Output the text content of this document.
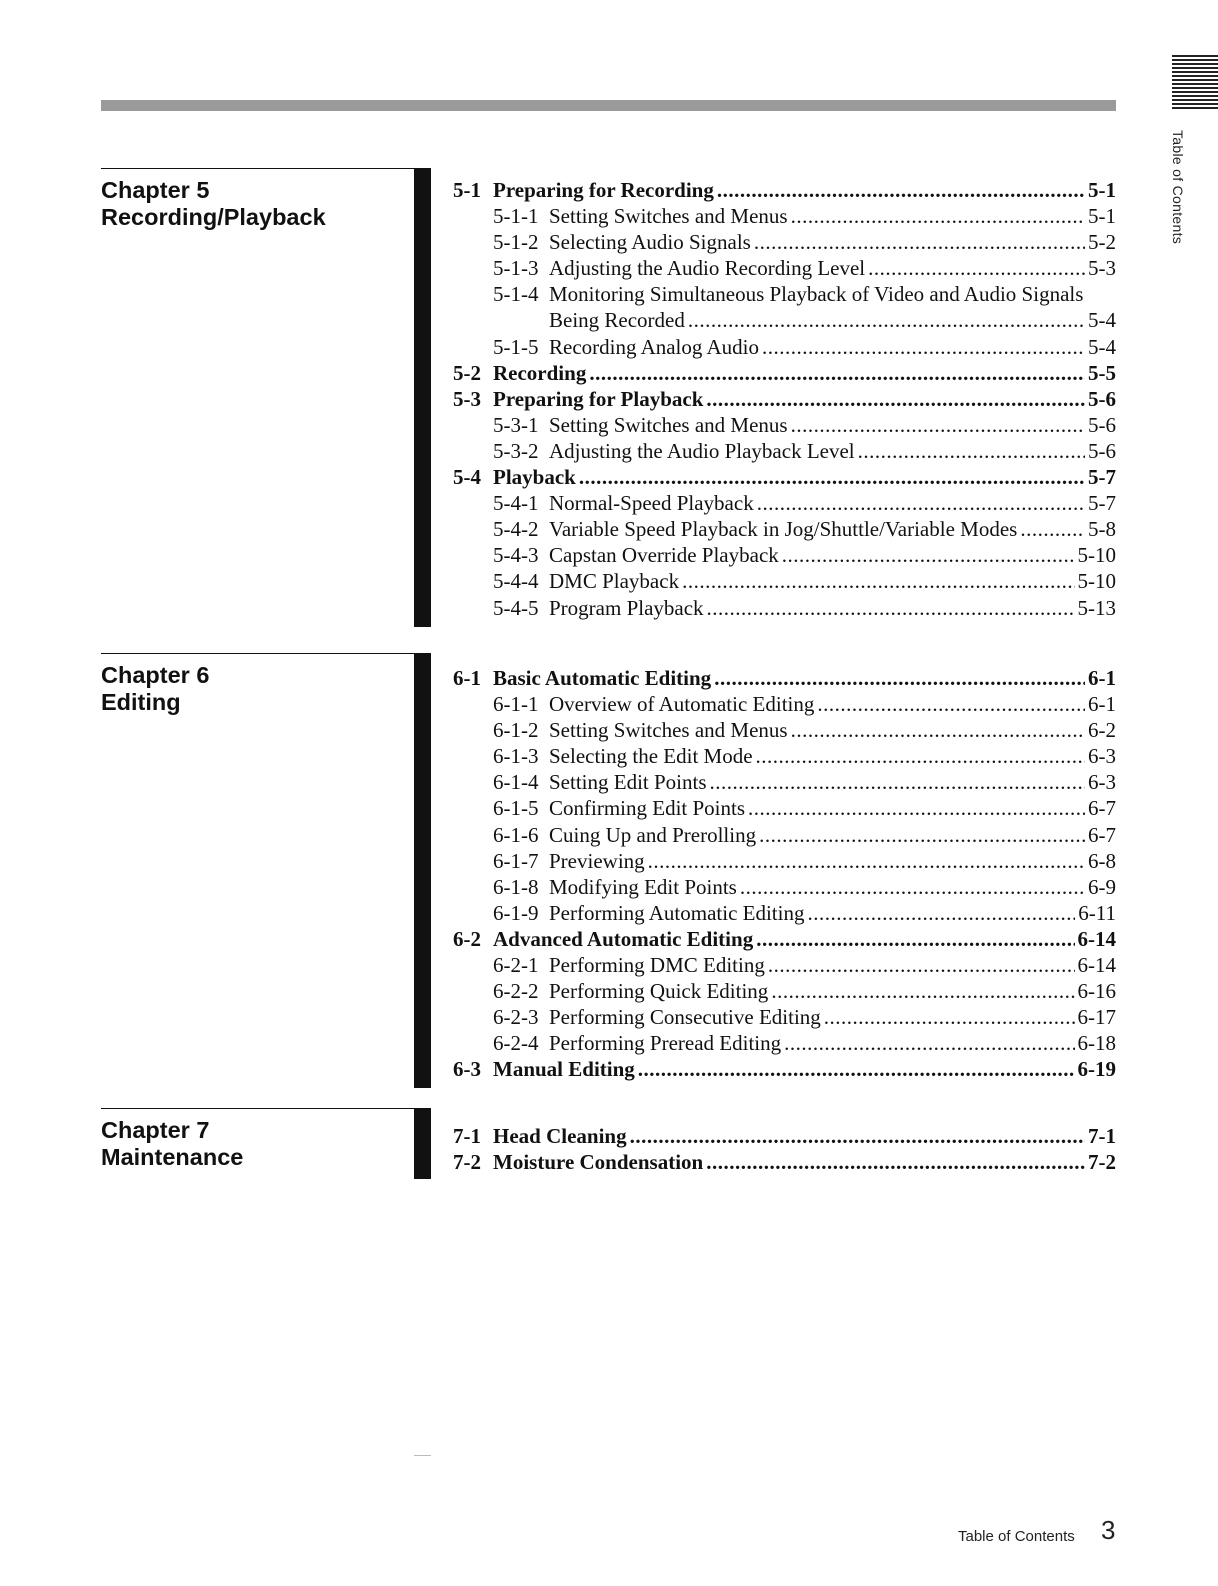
Table of Contents
Chapter 5
Recording/Playback
5-1 Preparing for Recording .....	5-1
5-1-1 Setting Switches and Menus .....	5-1
5-1-2 Selecting Audio Signals .....	5-2
5-1-3 Adjusting the Audio Recording Level .....	5-3
5-1-4 Monitoring Simultaneous Playback of Video and Audio Signals
Being Recorded .....	5-4
5-1-5 Recording Analog Audio .....	5-4
5-2 Recording .....	5-5
5-3 Preparing for Playback .....	5-6
5-3-1 Setting Switches and Menus .....	5-6
5-3-2 Adjusting the Audio Playback Level .....	5-6
5-4 Playback .....	5-7
5-4-1 Normal-Speed Playback .....	5-7
5-4-2 Variable Speed Playback in Jog/Shuttle/Variable Modes .....	5-8
5-4-3 Capstan Override Playback .....	5-10
5-4-4 DMC Playback .....	5-10
5-4-5 Program Playback .....	5-13
Chapter 6
Editing
6-1 Basic Automatic Editing .....	6-1
6-1-1 Overview of Automatic Editing .....	6-1
6-1-2 Setting Switches and Menus .....	6-2
6-1-3 Selecting the Edit Mode .....	6-3
6-1-4 Setting Edit Points .....	6-3
6-1-5 Confirming Edit Points .....	6-7
6-1-6 Cuing Up and Prerolling .....	6-7
6-1-7 Previewing .....	6-8
6-1-8 Modifying Edit Points .....	6-9
6-1-9 Performing Automatic Editing .....	6-11
6-2 Advanced Automatic Editing .....	6-14
6-2-1 Performing DMC Editing .....	6-14
6-2-2 Performing Quick Editing .....	6-16
6-2-3 Performing Consecutive Editing .....	6-17
6-2-4 Performing Preread Editing .....	6-18
6-3 Manual Editing .....	6-19
Chapter 7
Maintenance
7-1 Head Cleaning .....	7-1
7-2 Moisture Condensation .....	7-2
Table of Contents 3
